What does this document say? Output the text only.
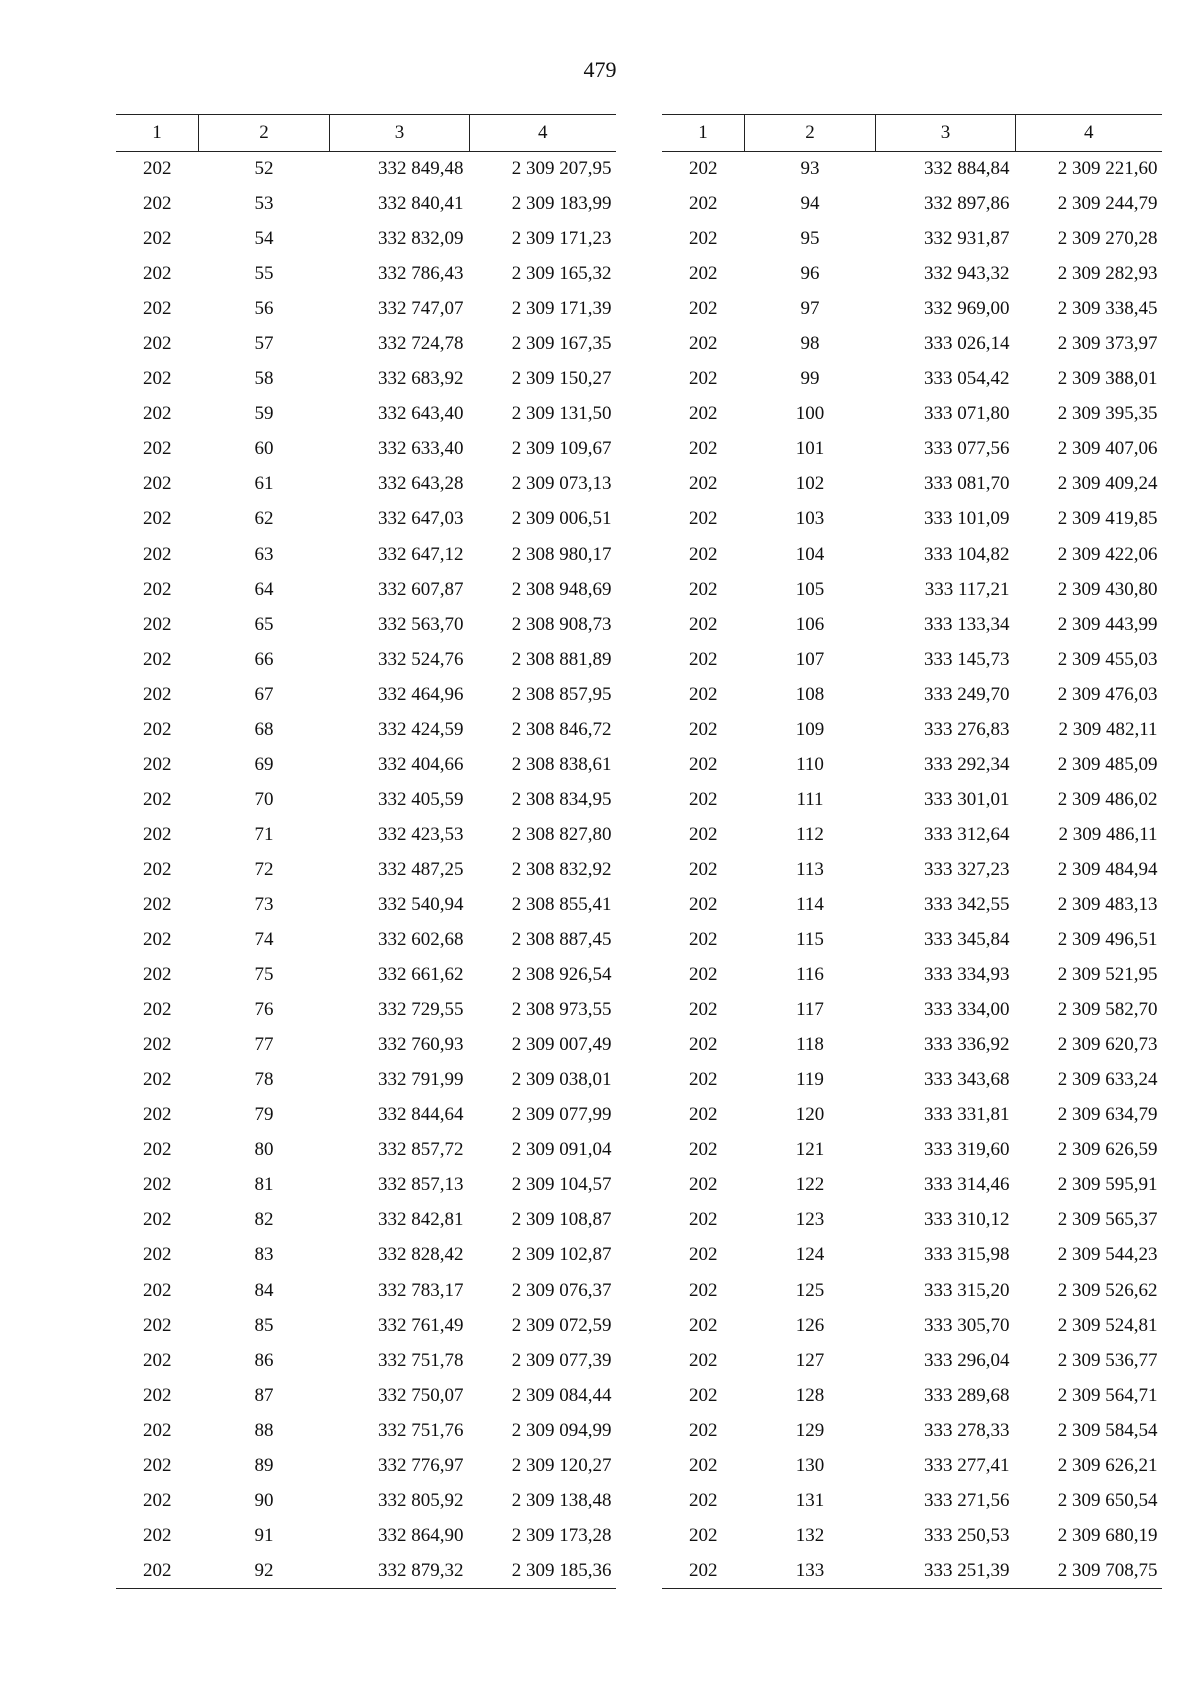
479
1	2	3	4
202	52	332 849,48	2 309 207,95
202	53	332 840,41	2 309 183,99
202	54	332 832,09	2 309 171,23
202	55	332 786,43	2 309 165,32
202	56	332 747,07	2 309 171,39
202	57	332 724,78	2 309 167,35
202	58	332 683,92	2 309 150,27
202	59	332 643,40	2 309 131,50
202	60	332 633,40	2 309 109,67
202	61	332 643,28	2 309 073,13
202	62	332 647,03	2 309 006,51
202	63	332 647,12	2 308 980,17
202	64	332 607,87	2 308 948,69
202	65	332 563,70	2 308 908,73
202	66	332 524,76	2 308 881,89
202	67	332 464,96	2 308 857,95
202	68	332 424,59	2 308 846,72
202	69	332 404,66	2 308 838,61
202	70	332 405,59	2 308 834,95
202	71	332 423,53	2 308 827,80
202	72	332 487,25	2 308 832,92
202	73	332 540,94	2 308 855,41
202	74	332 602,68	2 308 887,45
202	75	332 661,62	2 308 926,54
202	76	332 729,55	2 308 973,55
202	77	332 760,93	2 309 007,49
202	78	332 791,99	2 309 038,01
202	79	332 844,64	2 309 077,99
202	80	332 857,72	2 309 091,04
202	81	332 857,13	2 309 104,57
202	82	332 842,81	2 309 108,87
202	83	332 828,42	2 309 102,87
202	84	332 783,17	2 309 076,37
202	85	332 761,49	2 309 072,59
202	86	332 751,78	2 309 077,39
202	87	332 750,07	2 309 084,44
202	88	332 751,76	2 309 094,99
202	89	332 776,97	2 309 120,27
202	90	332 805,92	2 309 138,48
202	91	332 864,90	2 309 173,28
202	92	332 879,32	2 309 185,36
1	2	3	4
202	93	332 884,84	2 309 221,60
202	94	332 897,86	2 309 244,79
202	95	332 931,87	2 309 270,28
202	96	332 943,32	2 309 282,93
202	97	332 969,00	2 309 338,45
202	98	333 026,14	2 309 373,97
202	99	333 054,42	2 309 388,01
202	100	333 071,80	2 309 395,35
202	101	333 077,56	2 309 407,06
202	102	333 081,70	2 309 409,24
202	103	333 101,09	2 309 419,85
202	104	333 104,82	2 309 422,06
202	105	333 117,21	2 309 430,80
202	106	333 133,34	2 309 443,99
202	107	333 145,73	2 309 455,03
202	108	333 249,70	2 309 476,03
202	109	333 276,83	2 309 482,11
202	110	333 292,34	2 309 485,09
202	111	333 301,01	2 309 486,02
202	112	333 312,64	2 309 486,11
202	113	333 327,23	2 309 484,94
202	114	333 342,55	2 309 483,13
202	115	333 345,84	2 309 496,51
202	116	333 334,93	2 309 521,95
202	117	333 334,00	2 309 582,70
202	118	333 336,92	2 309 620,73
202	119	333 343,68	2 309 633,24
202	120	333 331,81	2 309 634,79
202	121	333 319,60	2 309 626,59
202	122	333 314,46	2 309 595,91
202	123	333 310,12	2 309 565,37
202	124	333 315,98	2 309 544,23
202	125	333 315,20	2 309 526,62
202	126	333 305,70	2 309 524,81
202	127	333 296,04	2 309 536,77
202	128	333 289,68	2 309 564,71
202	129	333 278,33	2 309 584,54
202	130	333 277,41	2 309 626,21
202	131	333 271,56	2 309 650,54
202	132	333 250,53	2 309 680,19
202	133	333 251,39	2 309 708,75
